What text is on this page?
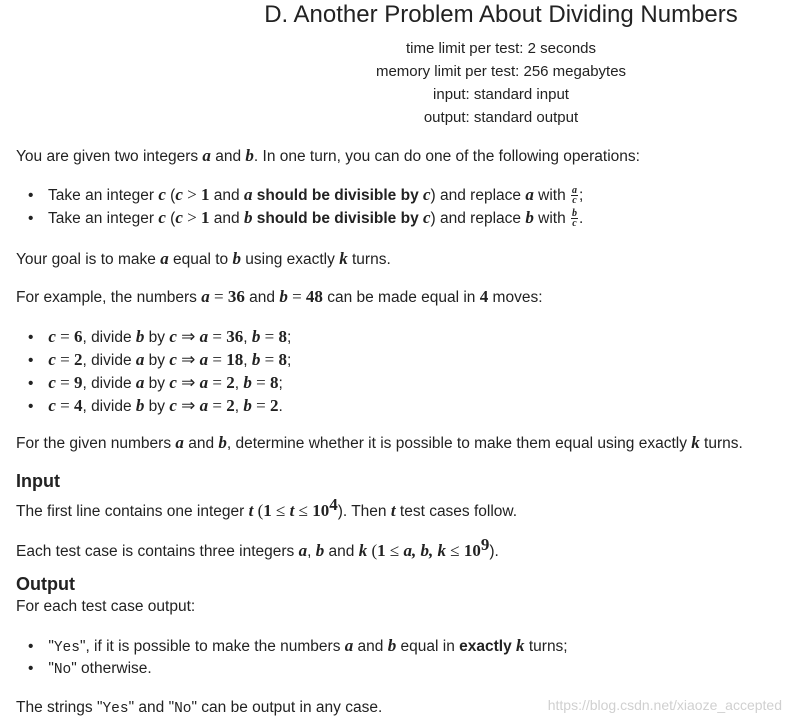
D. Another Problem About Dividing Numbers
time limit per test: 2 seconds
memory limit per test: 256 megabytes
input: standard input
output: standard output
You are given two integers a and b. In one turn, you can do one of the following operations:
• Take an integer c (c > 1 and a should be divisible by c) and replace a with $\frac{a}{c}$ ;
• Take an integer c (c > 1 and b should be divisible by c) and replace b with $\frac{b}{c}$ .
Your goal is to make a equal to b using exactly k turns.
For example, the numbers a = 36 and b = 48 can be made equal in 4 moves:
• c = 6, divide b by c ⇒ a = 36, b = 8;
• c = 2, divide a by c ⇒ a = 18, b = 8;
• c = 9, divide a by c ⇒ a = 2, b = 8;
• c = 4, divide b by c ⇒ a = 2, b = 2.
For the given numbers a and b, determine whether it is possible to make them equal using exactly k turns.
Input
The first line contains one integer t $(1 \le t \le 10^4)$. Then t test cases follow.
Each test case is contains three integers a, b and k (1 ≤ a, b, $k \le 10^9$).
Output
For each test case output:
• "Yes", if it is possible to make the numbers a and b equal in exactly k turns;
• "No" otherwise.
The strings "Yes" and "No" can be output in any case.	https://blog.csdn.net/xiaoze_accepted
